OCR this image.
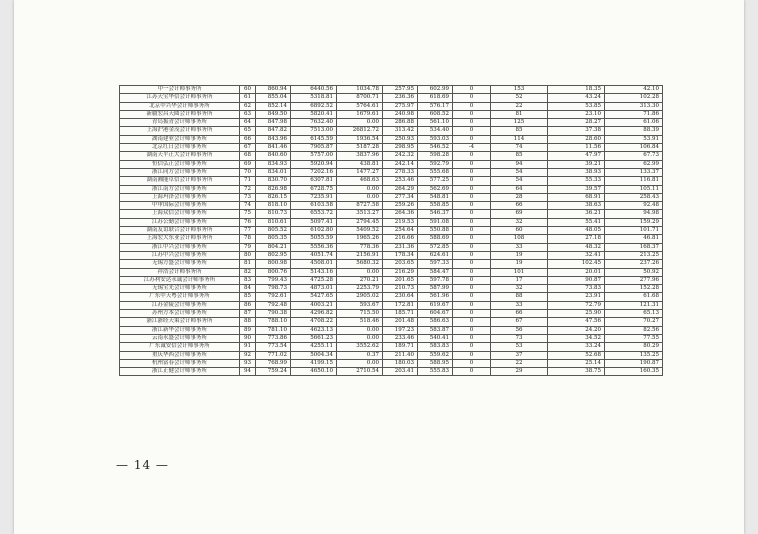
中一会计师事务所	60	860.94	6440.56	1034.78	257.95	602.99	0	153	18.35	42.10
江苏天宝华信会计师事务所	61	855.04	5318.81	8700.71	236.36	618.69	0	52	43.24	102.28
北京中兴华会计师事务所	62	852.14	6892.52	5764.61	275.97	576.17	0	22	53.85	313.30
新疆宏昌天圆会计师事务所	63	849.50	5820.41	1679.61	240.98	608.52	0	81	23.10	71.86
青岛振青会计师事务所	64	847.98	7632.40	0.00	286.88	561.10	0	125	28.27	61.06
上海沪港金茂会计师事务所	65	847.82	7513.00	26812.72	313.42	534.40	0	85	37.38	88.39
湖南建业会计师事务所	66	843.96	6145.59	1936.54	250.93	593.03	0	114	28.60	53.91
北京红日会计师事务所	67	841.46	7905.87	5187.28	298.95	546.52	-4	74	11.56	106.84
湖南天平正大会计师事务所	68	840.60	5757.00	3837.96	242.32	598.28	0	85	47.97	67.73
恒信弘正会计师事务所	69	834.93	5920.94	438.81	242.14	592.79	0	94	39.21	62.99
浙江同方会计师事务所	70	834.01	7202.16	1477.27	278.33	555.68	0	54	38.93	133.37
湖南湘能卓信会计师事务所	71	830.70	6307.81	468.63	253.46	577.25	0	54	55.33	116.81
浙江南方会计师事务所	72	826.98	6728.75	0.00	264.29	562.69	0	64	39.57	105.11
上海玛泽会计师事务所	73	826.15	7235.91	0.00	277.34	548.81	0	28	68.91	258.43
中审国际会计师事务所	74	818.10	6103.58	8727.58	259.26	558.85	0	66	38.63	92.48
上海众信会计师事务所	75	810.73	6553.72	3513.27	264.36	546.37	0	69	36.21	94.98
江苏公勤会计师事务所	76	810.61	5097.41	2794.45	219.53	591.08	0	32	55.41	159.29
湖南友谊联合会计师事务所	77	805.52	6102.80	5409.52	254.64	550.88	0	60	48.05	101.71
上海宏大东亚会计师事务所	78	805.35	5055.59	1965.26	216.66	588.69	0	108	27.18	46.81
浙江中兴会计师事务所	79	804.21	5556.36	778.36	231.36	572.85	0	33	48.32	168.37
江苏中兴会计师事务所	80	802.95	4051.74	2156.91	178.34	624.61	0	19	32.41	213.25
无锡方盛会计师事务所	81	800.98	4508.01	5680.32	203.65	597.33	0	19	102.45	237.26
祥浩会计师事务所	82	800.76	5143.16	0.00	216.29	584.47	0	101	20.01	50.92
江苏利安达永诚会计师事务所	83	799.43	4725.28	270.21	201.65	597.78	0	17	90.87	277.96
无锡宝光会计师事务所	84	798.73	4873.01	2253.79	210.73	587.99	0	32	73.83	152.28
广东中天粤会计师事务所	85	792.61	5427.65	2905.02	230.64	561.96	0	88	23.91	61.68
江苏金陵会计师事务所	86	792.48	4003.21	593.67	172.81	619.67	0	33	72.79	121.31
苏州方本会计师事务所	87	790.38	4296.82	715.50	185.71	604.67	0	66	25.90	65.13
浙江浙经天策会计师事务所	88	788.10	4708.22	518.46	201.48	586.63	0	67	47.56	70.27
浙江新华会计师事务所	89	781.10	4623.13	0.00	197.23	583.87	0	56	24.20	82.56
云南永盛会计师事务所	90	773.86	5661.23	0.00	233.46	540.41	0	73	34.52	77.55
广东诚安信会计师事务所	91	773.54	4255.11	3552.62	189.71	583.83	0	53	33.24	80.29
重庆华西会计师事务所	92	771.02	5004.34	0.37	211.40	559.62	0	37	52.68	135.25
杭州富春会计师事务所	93	768.99	4199.15	0.00	180.03	588.95	0	22	25.14	190.87
浙江正健会计师事务所	94	759.24	4650.10	2710.54	203.41	555.83	0	29	38.75	160.35
— 14 —
